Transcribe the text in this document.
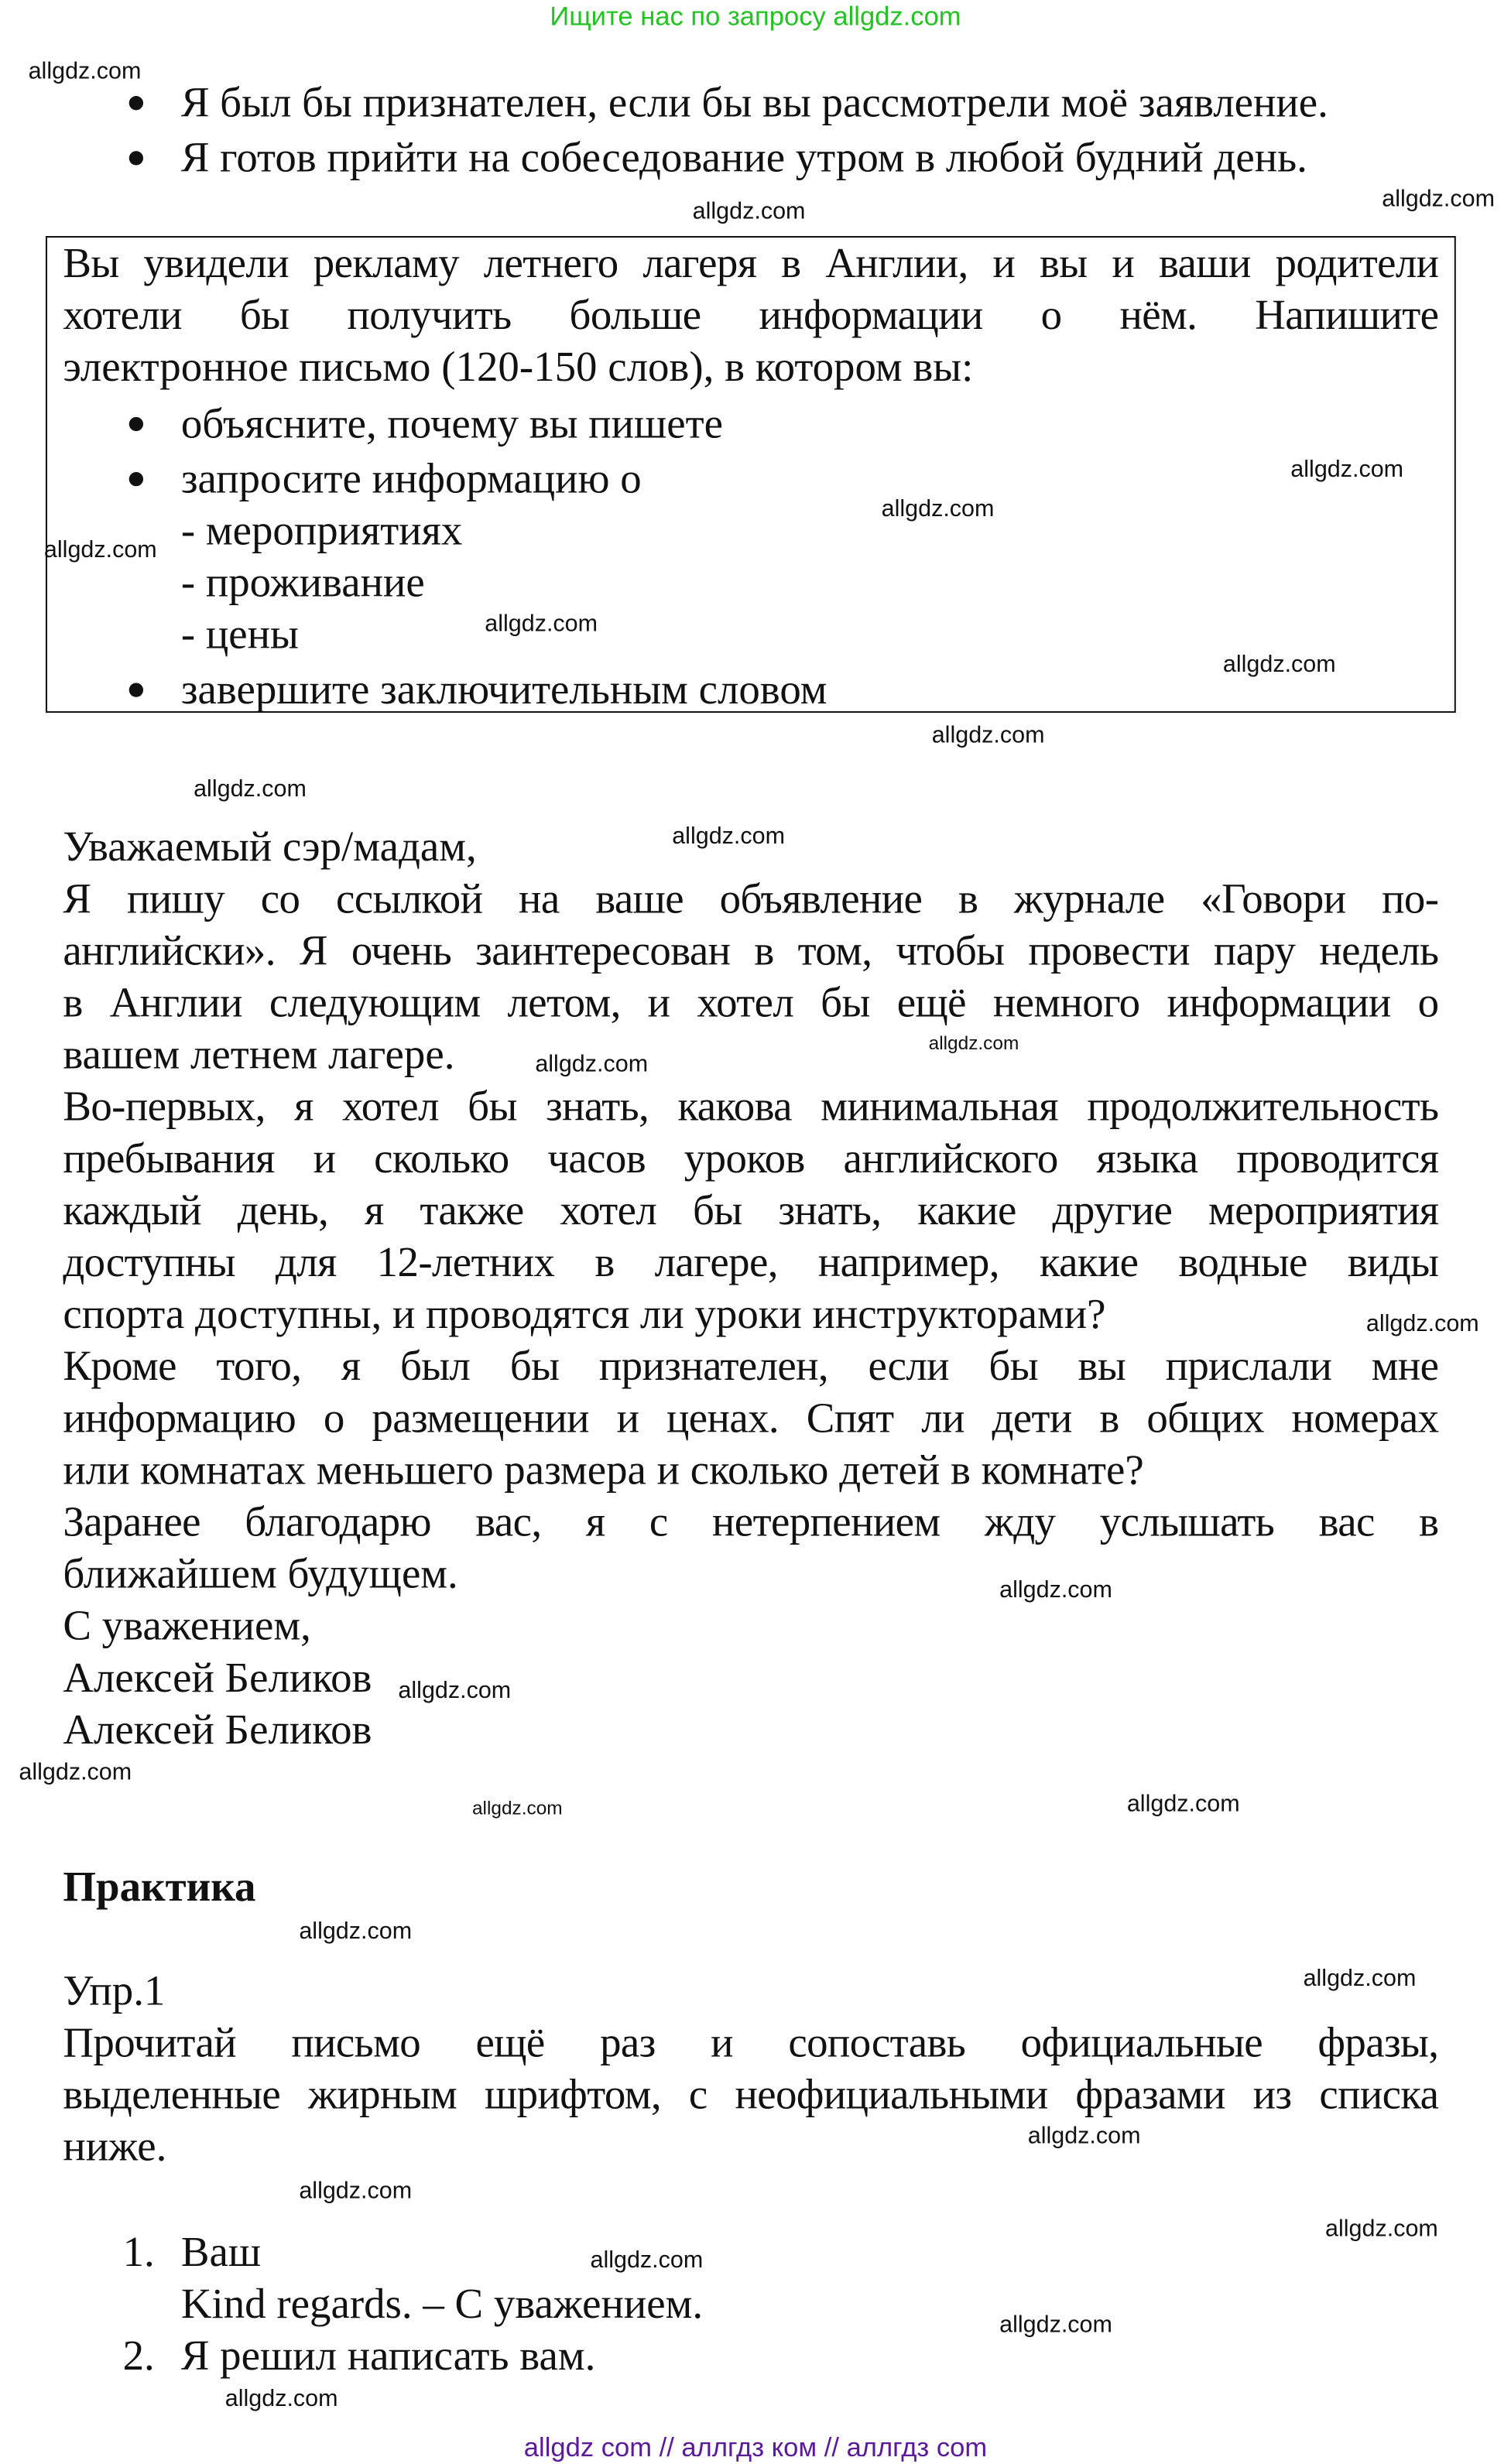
Ищите нас по запросу allgdz.com
Я был бы признателен, если бы вы рассмотрели моё заявление.
Я готов прийти на собеседование утром в любой будний день.
Вы увидели рекламу летнего лагеря в Англии, и вы и ваши родители
хотели бы получить больше информации о нём. Напишите
электронное письмо (120-150 слов), в котором вы:
объясните, почему вы пишете
запросите информацию о
- мероприятиях
- проживание
- цены
завершите заключительным словом
Уважаемый сэр/мадам,
Я пишу со ссылкой на ваше объявление в журнале «Говори по-
английски». Я очень заинтересован в том, чтобы провести пару недель
в Англии следующим летом, и хотел бы ещё немного информации о
вашем летнем лагере.
Во-первых, я хотел бы знать, какова минимальная продолжительность
пребывания и сколько часов уроков английского языка проводится
каждый день, я также хотел бы знать, какие другие мероприятия
доступны для 12-летних в лагере, например, какие водные виды
спорта доступны, и проводятся ли уроки инструкторами?
Кроме того, я был бы признателен, если бы вы прислали мне
информацию о размещении и ценах. Спят ли дети в общих номерах
или комнатах меньшего размера и сколько детей в комнате?
Заранее благодарю вас, я с нетерпением жду услышать вас в
ближайшем будущем.
С уважением,
Алексей Беликов
Алексей Беликов
Практика
Упр.1
Прочитай письмо ещё раз и сопоставь официальные фразы,
выделенные жирным шрифтом, с неофициальными фразами из списка
ниже.
1. Ваш
Kind regards. – С уважением.
2. Я решил написать вам.
allgdz.com
allgdz.com
allgdz.com
allgdz.com
allgdz.com
allgdz.com
allgdz.com
allgdz.com
allgdz.com
allgdz.com
allgdz.com
allgdz.com
allgdz.com
allgdz.com
allgdz.com
allgdz.com
allgdz.com
allgdz.com
allgdz.com
allgdz.com
allgdz.com
allgdz.com
allgdz.com
allgdz.com
allgdz.com
allgdz.com
allgdz.com
allgdz com // аллгдз ком // аллгдз com
